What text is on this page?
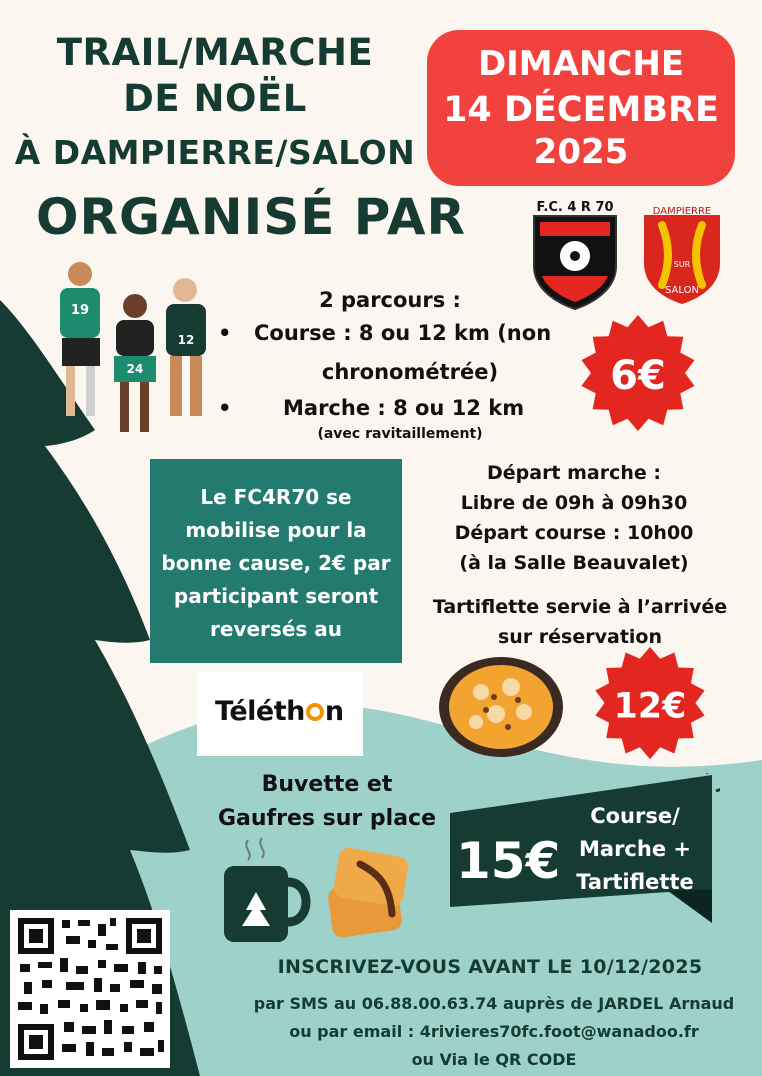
TRAIL/MARCHE
DE NOËL
À DAMPIERRE/SALON
DIMANCHE
14 DÉCEMBRE
2025
ORGANISÉ PAR	F.C. 4 R 70	DAMPIERRE
SUR
SALON
19
24
12
2 parcours :
• Course : 8 ou 12 km (non
chronométrée)
• Marche : 8 ou 12 km
(avec ravitaillement)
6€
Le FC4R70 se
mobilise pour la
bonne cause, 2€ par
participant seront
reversés au
Départ marche :
Libre de 09h à 09h30
Départ course : 10h00
(à la Salle Beauvalet)
Tartiflette servie à l’arrivée
sur réservation
12€
Téléth n
Buvette et
Gaufres sur place
15€
Course/
Marche +
Tartiflette
INSCRIVEZ-VOUS AVANT LE 10/12/2025
par SMS au 06.88.00.63.74 auprès de JARDEL Arnaud
ou par email : 4rivieres70fc.foot@wanadoo.fr
ou Via le QR CODE
